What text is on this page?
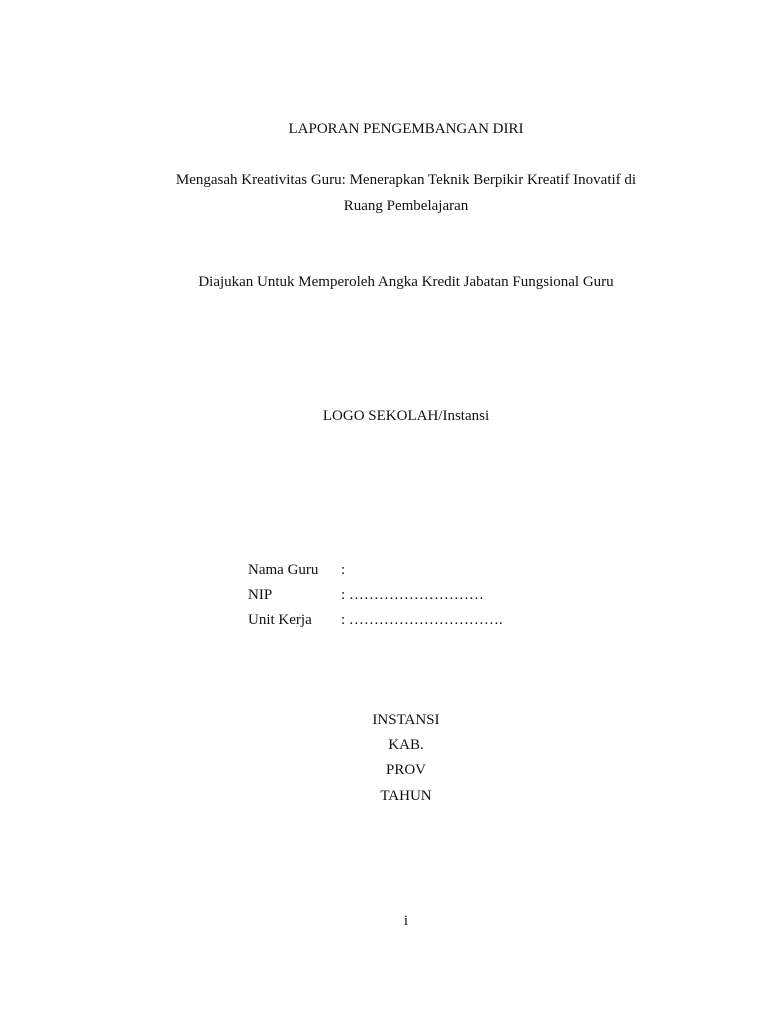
LAPORAN PENGEMBANGAN DIRI
Mengasah Kreativitas Guru: Menerapkan Teknik Berpikir Kreatif Inovatif di
Ruang Pembelajaran
Diajukan Untuk Memperoleh Angka Kredit Jabatan Fungsional Guru
LOGO SEKOLAH/Instansi
Nama Guru	:
NIP	: ………………………
Unit Kerja	: ………………………….
INSTANSI
KAB.
PROV
TAHUN
i
